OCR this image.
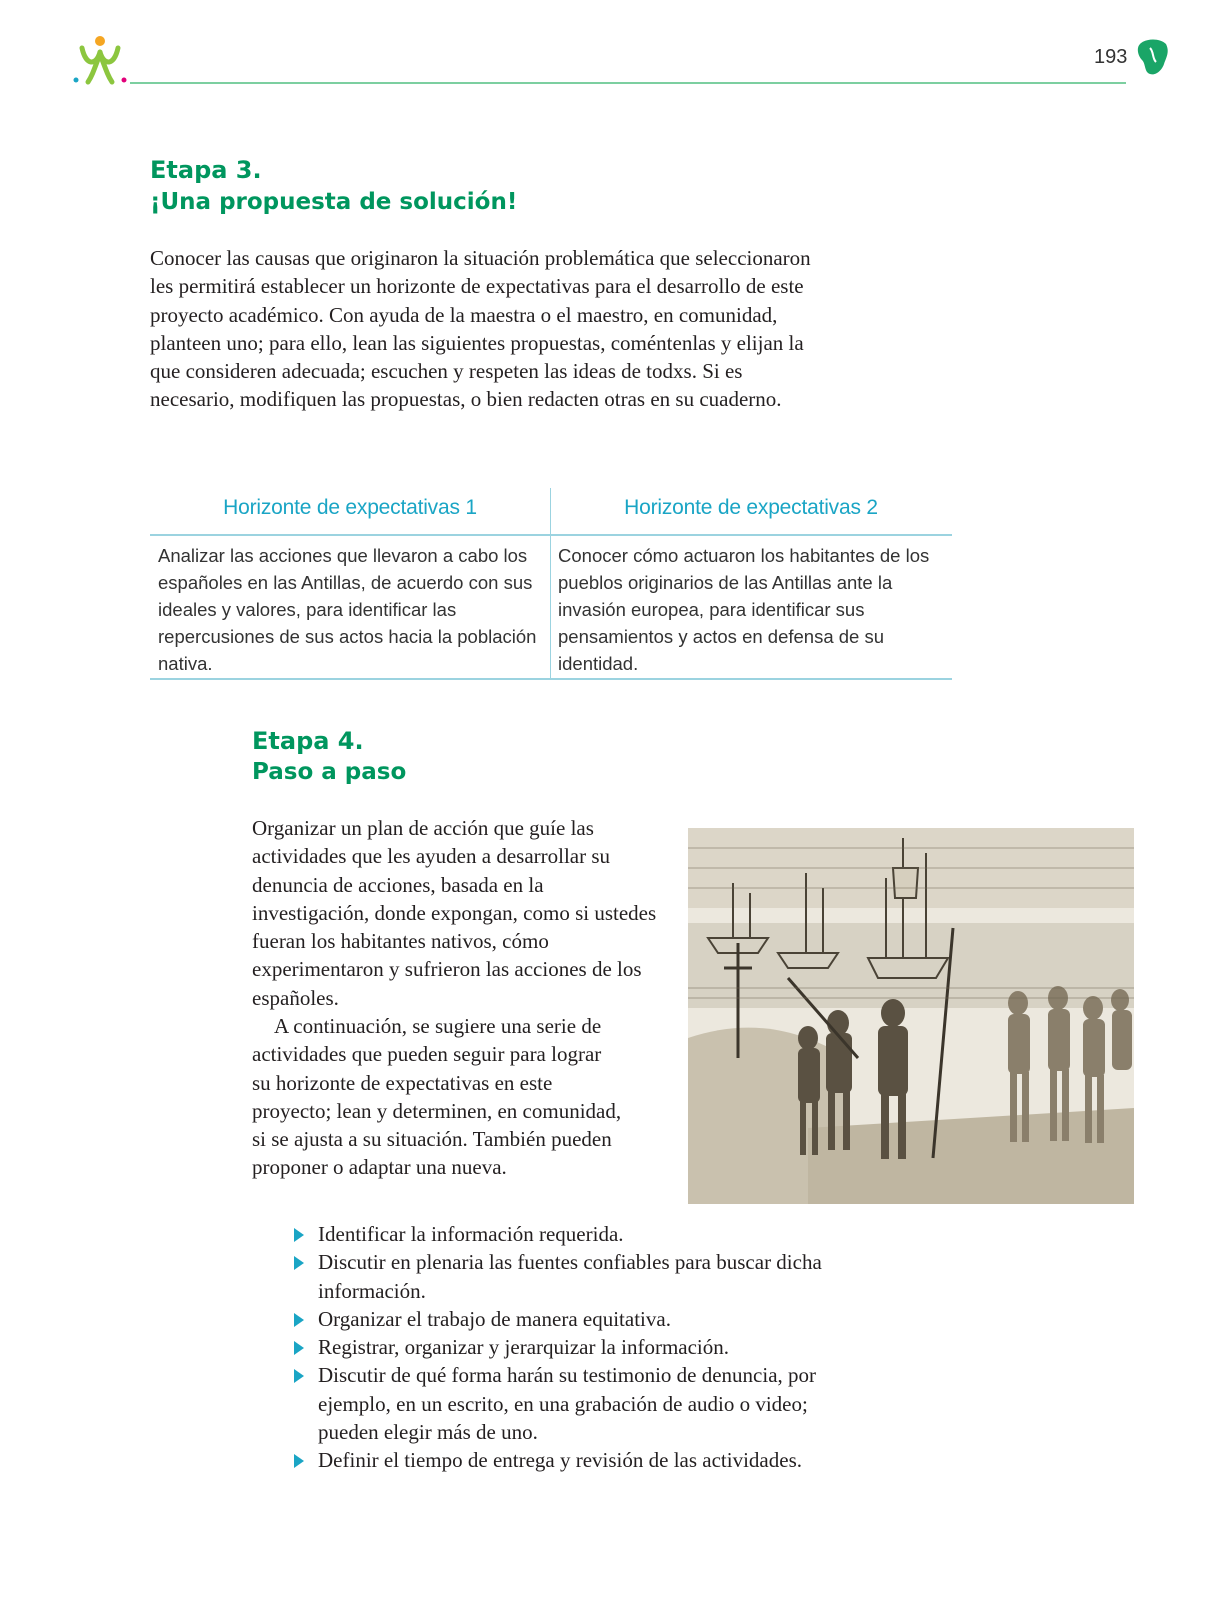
193
Etapa 3.
¡Una propuesta de solución!

Conocer las causas que originaron la situación problemática que seleccionaron les permitirá establecer un horizonte de expectativas para el desarrollo de este proyecto académico. Con ayuda de la maestra o el maestro, en comunidad, planteen uno; para ello, lean las siguientes propuestas, coméntenlas y elijan la que consideren adecuada; escuchen y respeten las ideas de todxs. Si es necesario, modifiquen las propuestas, o bien redacten otras en su cuaderno.

Horizonte de expectativas 1

Analizar las acciones que llevaron a cabo los españoles en las Antillas, de acuerdo con sus ideales y valores, para identificar las repercusiones de sus actos hacia la población nativa.

Horizonte de expectativas 2

Conocer cómo actuaron los habitantes de los pueblos originarios de las Antillas ante la invasión europea, para identificar sus pensamientos y actos en defensa de su identidad.

Etapa 4.
Paso a paso

Organizar un plan de acción que guíe las actividades que les ayuden a desarrollar su denuncia de acciones, basada en la investigación, donde expongan, como si ustedes fueran los habitantes nativos, cómo experimentaron y sufrieron las acciones de los españoles.

A continuación, se sugiere una serie de actividades que pueden seguir para lograr su horizonte de expectativas en este proyecto; lean y determinen, en comunidad, si se ajusta a su situación. También pueden proponer o adaptar una nueva.

Identificar la información requerida.
Discutir en plenaria las fuentes confiables para buscar dicha información.
Organizar el trabajo de manera equitativa.
Registrar, organizar y jerarquizar la información.
Discutir de qué forma harán su testimonio de denuncia, por ejemplo, en un escrito, en una grabación de audio o video; pueden elegir más de uno.
Definir el tiempo de entrega y revisión de las actividades.
